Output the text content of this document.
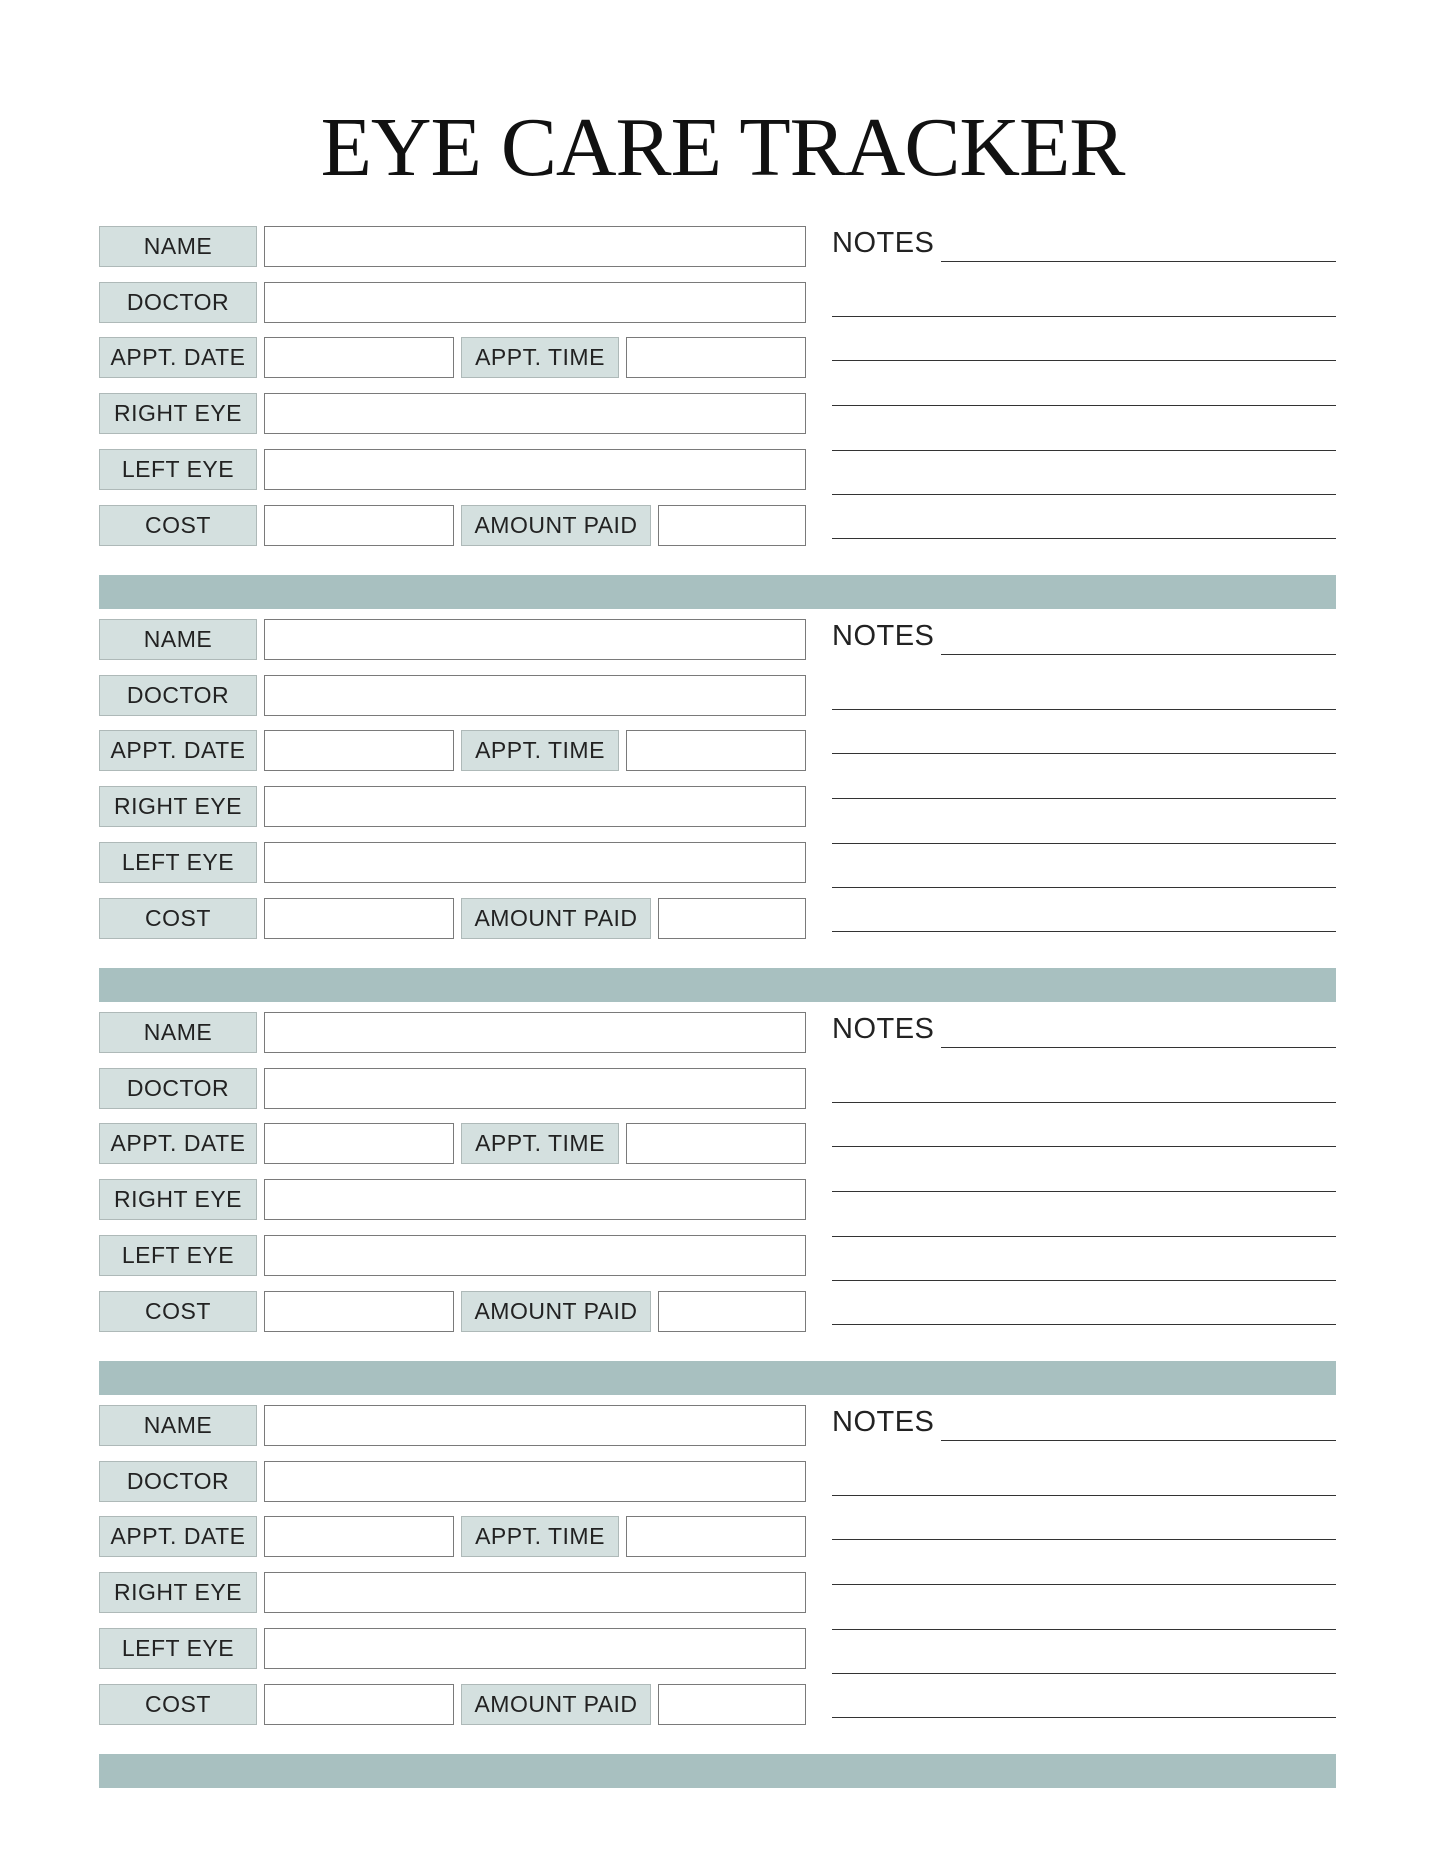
EYE CARE TRACKER
NAME
DOCTOR
APPT. DATE	APPT. TIME
RIGHT EYE
LEFT EYE
COST	AMOUNT PAID
NOTES
NAME
DOCTOR
APPT. DATE	APPT. TIME
RIGHT EYE
LEFT EYE
COST	AMOUNT PAID
NOTES
NAME
DOCTOR
APPT. DATE	APPT. TIME
RIGHT EYE
LEFT EYE
COST	AMOUNT PAID
NOTES
NAME
DOCTOR
APPT. DATE	APPT. TIME
RIGHT EYE
LEFT EYE
COST	AMOUNT PAID
NOTES
